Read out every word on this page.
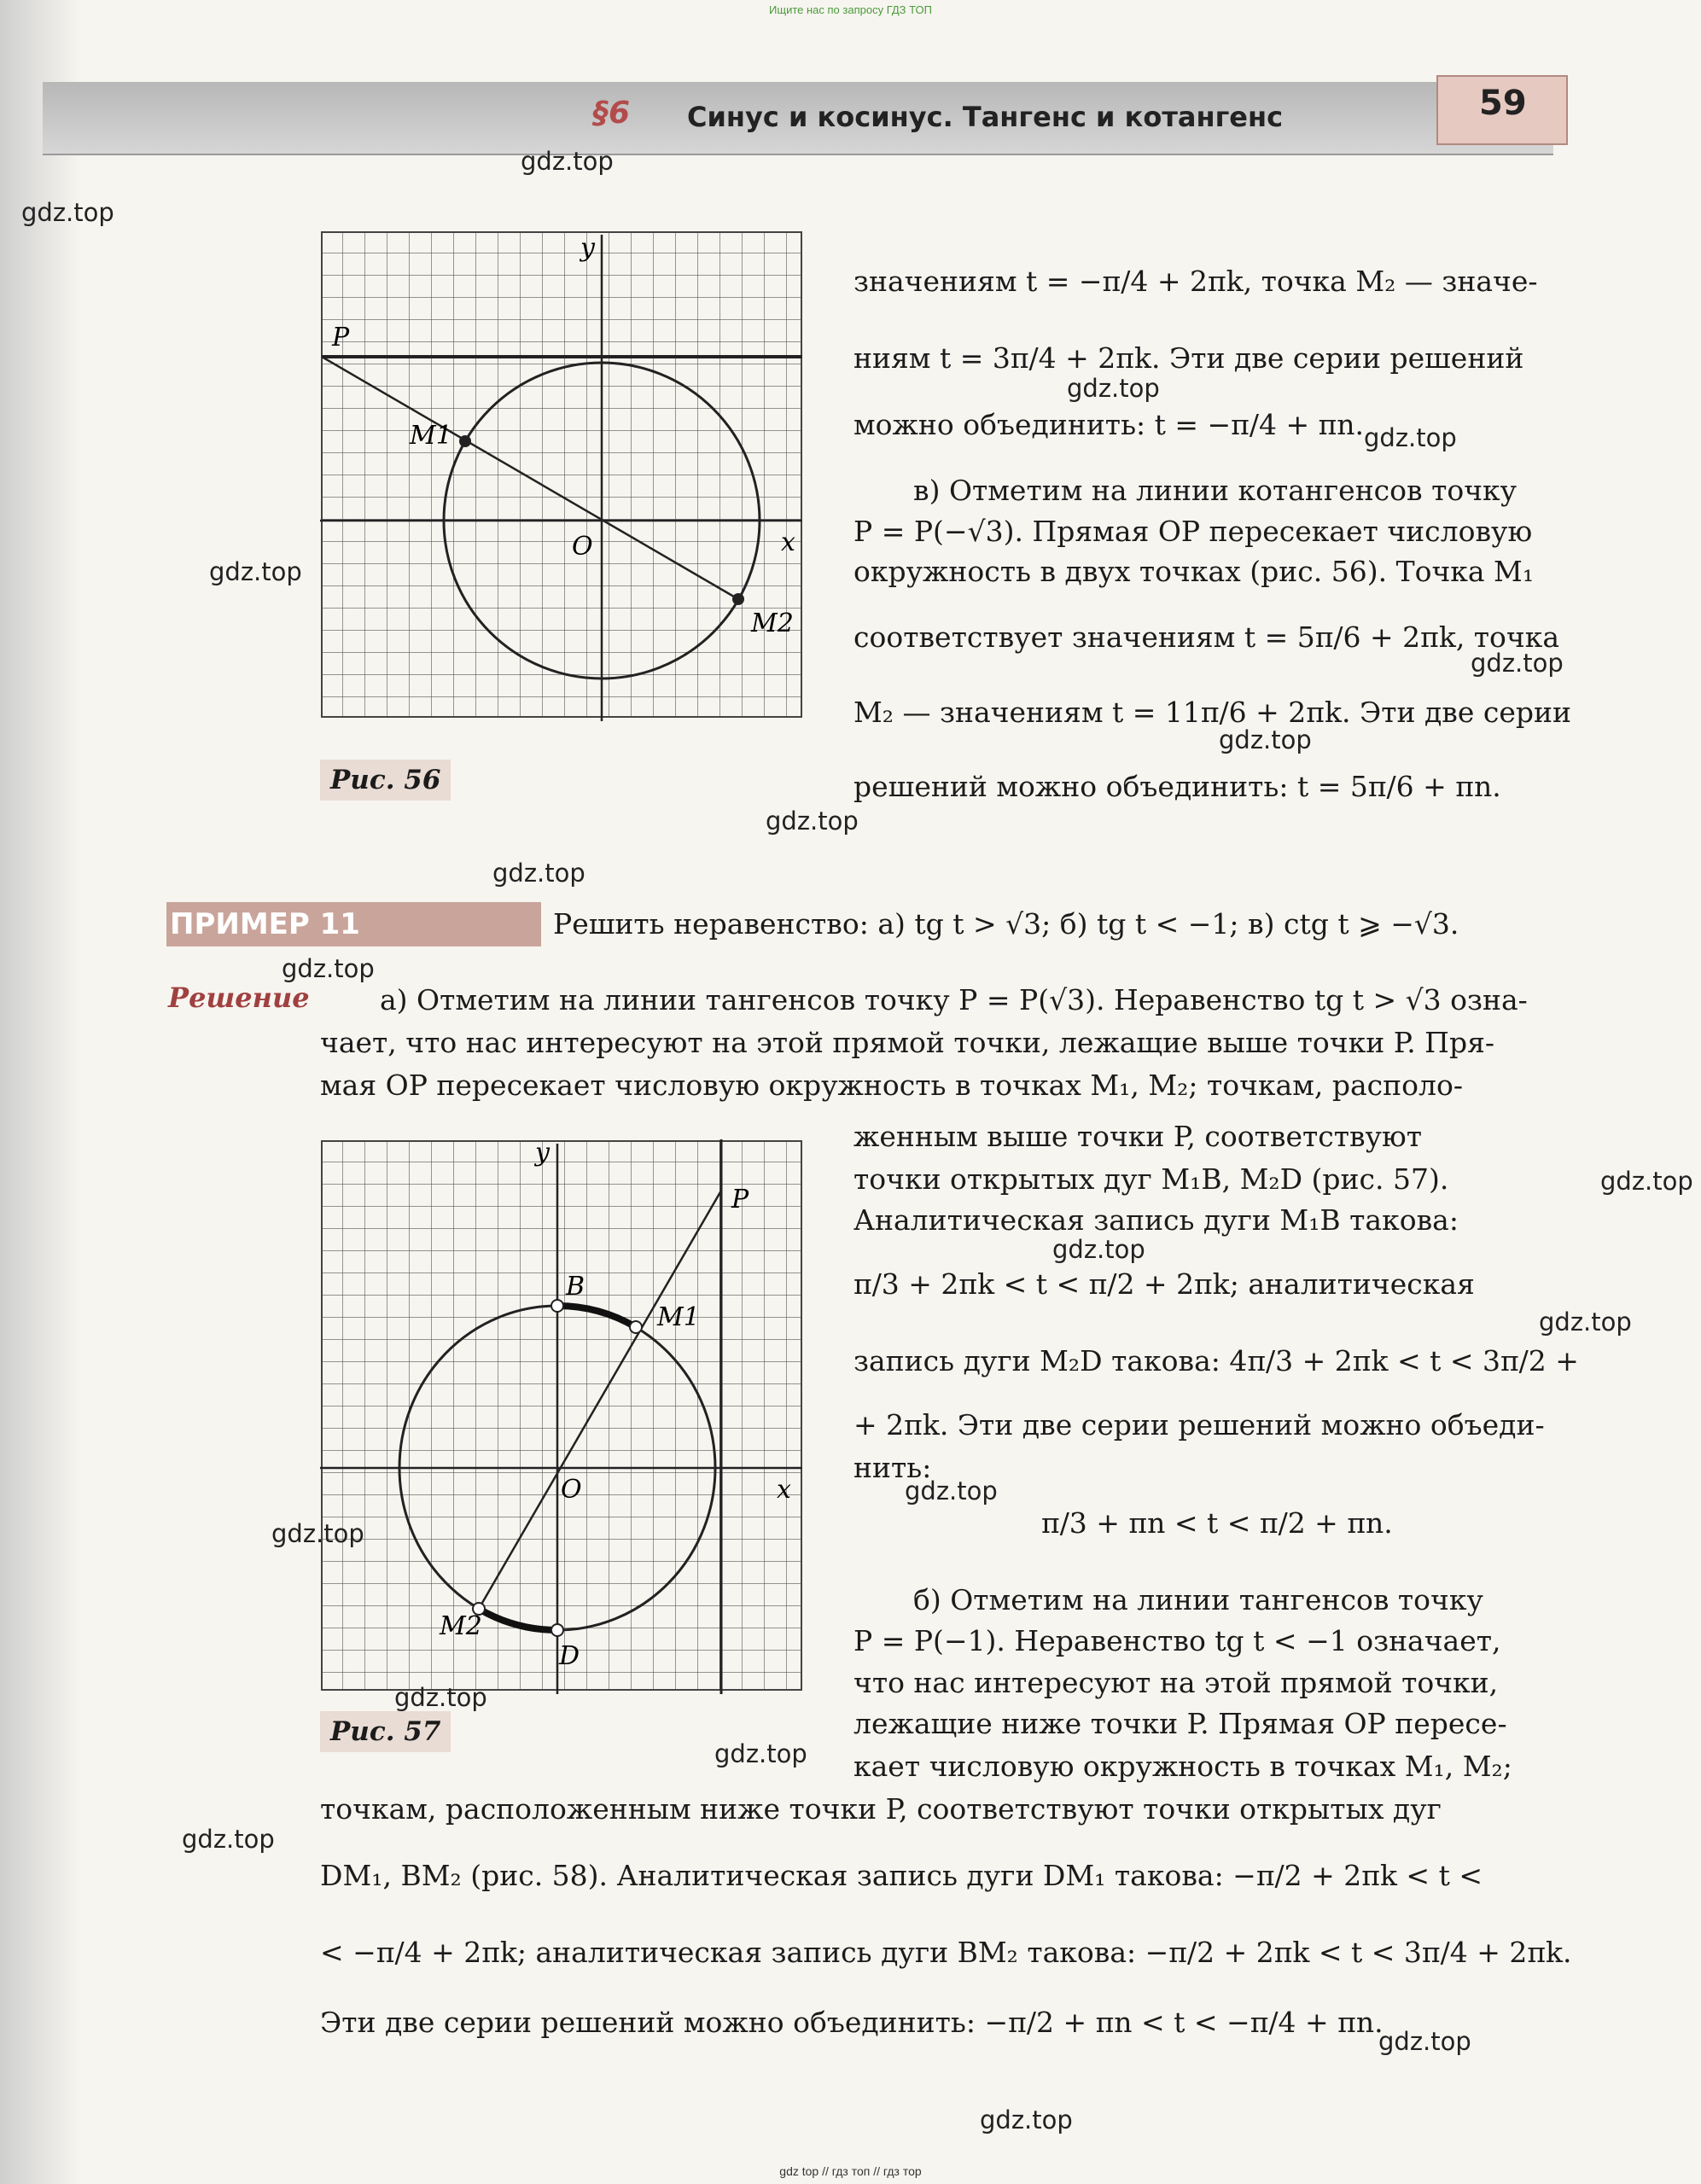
Ищите нас по запросу ГДЗ ТОП
§6 Синус и косинус. Тангенс и котангенс	59
y
P
M1
O	x
M2
Рис. 56
значениям t = −π/4 + 2πk, точка M₂ — значе-
ниям t = 3π/4 + 2πk. Эти две серии решений
можно объединить: t = −π/4 + πn.
в) Отметим на линии котангенсов точку
P = P(−√3). Прямая OP пересекает числовую
окружность в двух точках (рис. 56). Точка M₁
соответствует значениям t = 5π/6 + 2πk, точка
M₂ — значениям t = 11π/6 + 2πk. Эти две серии
решений можно объединить: t = 5π/6 + πn.
ПРИМЕР 11	Решить неравенство: а) tg t > √3; б) tg t < −1; в) ctg t ⩾ −√3.
Решение а) Отметим на линии тангенсов точку P = P(√3). Неравенство tg t > √3 озна-
чает, что нас интересуют на этой прямой точки, лежащие выше точки P. Пря-
мая OP пересекает числовую окружность в точках M₁, M₂; точкам, располо-
y
P
B
M1
O	x
M2
D
Рис. 57
женным выше точки P, соответствуют
точки открытых дуг M₁B, M₂D (рис. 57).
Аналитическая запись дуги M₁B такова:
π/3 + 2πk < t < π/2 + 2πk; аналитическая
запись дуги M₂D такова: 4π/3 + 2πk < t < 3π/2 +
+ 2πk. Эти две серии решений можно объеди-
нить:
π/3 + πn < t < π/2 + πn.
б) Отметим на линии тангенсов точку
P = P(−1). Неравенство tg t < −1 означает,
что нас интересуют на этой прямой точки,
лежащие ниже точки P. Прямая OP пересе-
кает числовую окружность в точках M₁, M₂;
точкам, расположенным ниже точки P, соответствуют точки открытых дуг
DM₁, BM₂ (рис. 58). Аналитическая запись дуги DM₁ такова: −π/2 + 2πk < t <
< −π/4 + 2πk; аналитическая запись дуги BM₂ такова: −π/2 + 2πk < t < 3π/4 + 2πk.
Эти две серии решений можно объединить: −π/2 + πn < t < −π/4 + πn.
gdz.top
gdz.top
gdz.top
gdz.top
gdz.top
gdz.top
gdz.top
gdz.top
gdz.top
gdz.top
gdz.top
gdz.top
gdz.top
gdz.top
gdz.top
gdz.top
gdz.top
gdz.top
gdz.top
gdz.top
gdz top // гдз топ // гдз тор
